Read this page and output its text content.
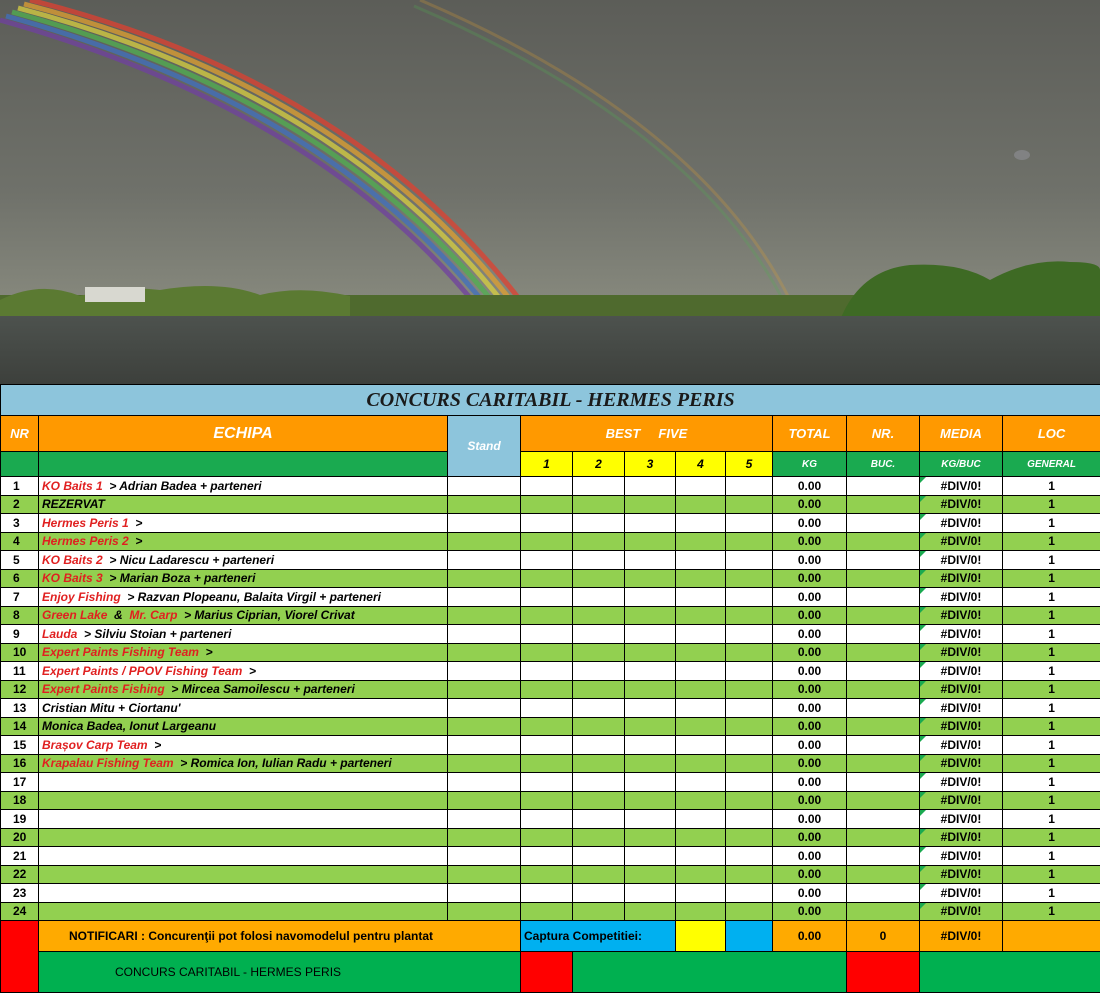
CONCURS CARITABIL - HERMES PERIS											
NR	ECHIPA	Stand	BEST FIVE					TOTAL	NR.	MEDIA	LOC
			1	2	3	4	5	KG	BUC.	KG/BUC	GENERAL
1	KO Baits 1 > Adrian Badea + parteneri							0.00		#DIV/0!	1
2	REZERVAT							0.00		#DIV/0!	1
3	Hermes Peris 1 >							0.00		#DIV/0!	1
4	Hermes Peris 2 >							0.00		#DIV/0!	1
5	KO Baits 2 > Nicu Ladarescu + parteneri							0.00		#DIV/0!	1
6	KO Baits 3 > Marian Boza + parteneri							0.00		#DIV/0!	1
7	Enjoy Fishing > Razvan Plopeanu, Balaita Virgil + parteneri							0.00		#DIV/0!	1
8	Green Lake & Mr. Carp > Marius Ciprian, Viorel Crivat							0.00		#DIV/0!	1
9	Lauda > Silviu Stoian + parteneri							0.00		#DIV/0!	1
10	Expert Paints Fishing Team >							0.00		#DIV/0!	1
11	Expert Paints / PPOV Fishing Team >							0.00		#DIV/0!	1
12	Expert Paints Fishing > Mircea Samoilescu + parteneri							0.00		#DIV/0!	1
13	Cristian Mitu + Ciortanu'							0.00		#DIV/0!	1
14	Monica Badea, Ionut Largeanu							0.00		#DIV/0!	1
15	Brașov Carp Team >							0.00		#DIV/0!	1
16	Krapalau Fishing Team > Romica Ion, Iulian Radu + parteneri							0.00		#DIV/0!	1
17								0.00		#DIV/0!	1
18								0.00		#DIV/0!	1
19								0.00		#DIV/0!	1
20								0.00		#DIV/0!	1
21								0.00		#DIV/0!	1
22								0.00		#DIV/0!	1
23								0.00		#DIV/0!	1
24								0.00		#DIV/0!	1
	NOTIFICARI : Concurenţii pot folosi navomodelul pentru plantat		Captura Competitiei:					0.00	0	#DIV/0!	
	CONCURS CARITABIL - HERMES PERIS										
